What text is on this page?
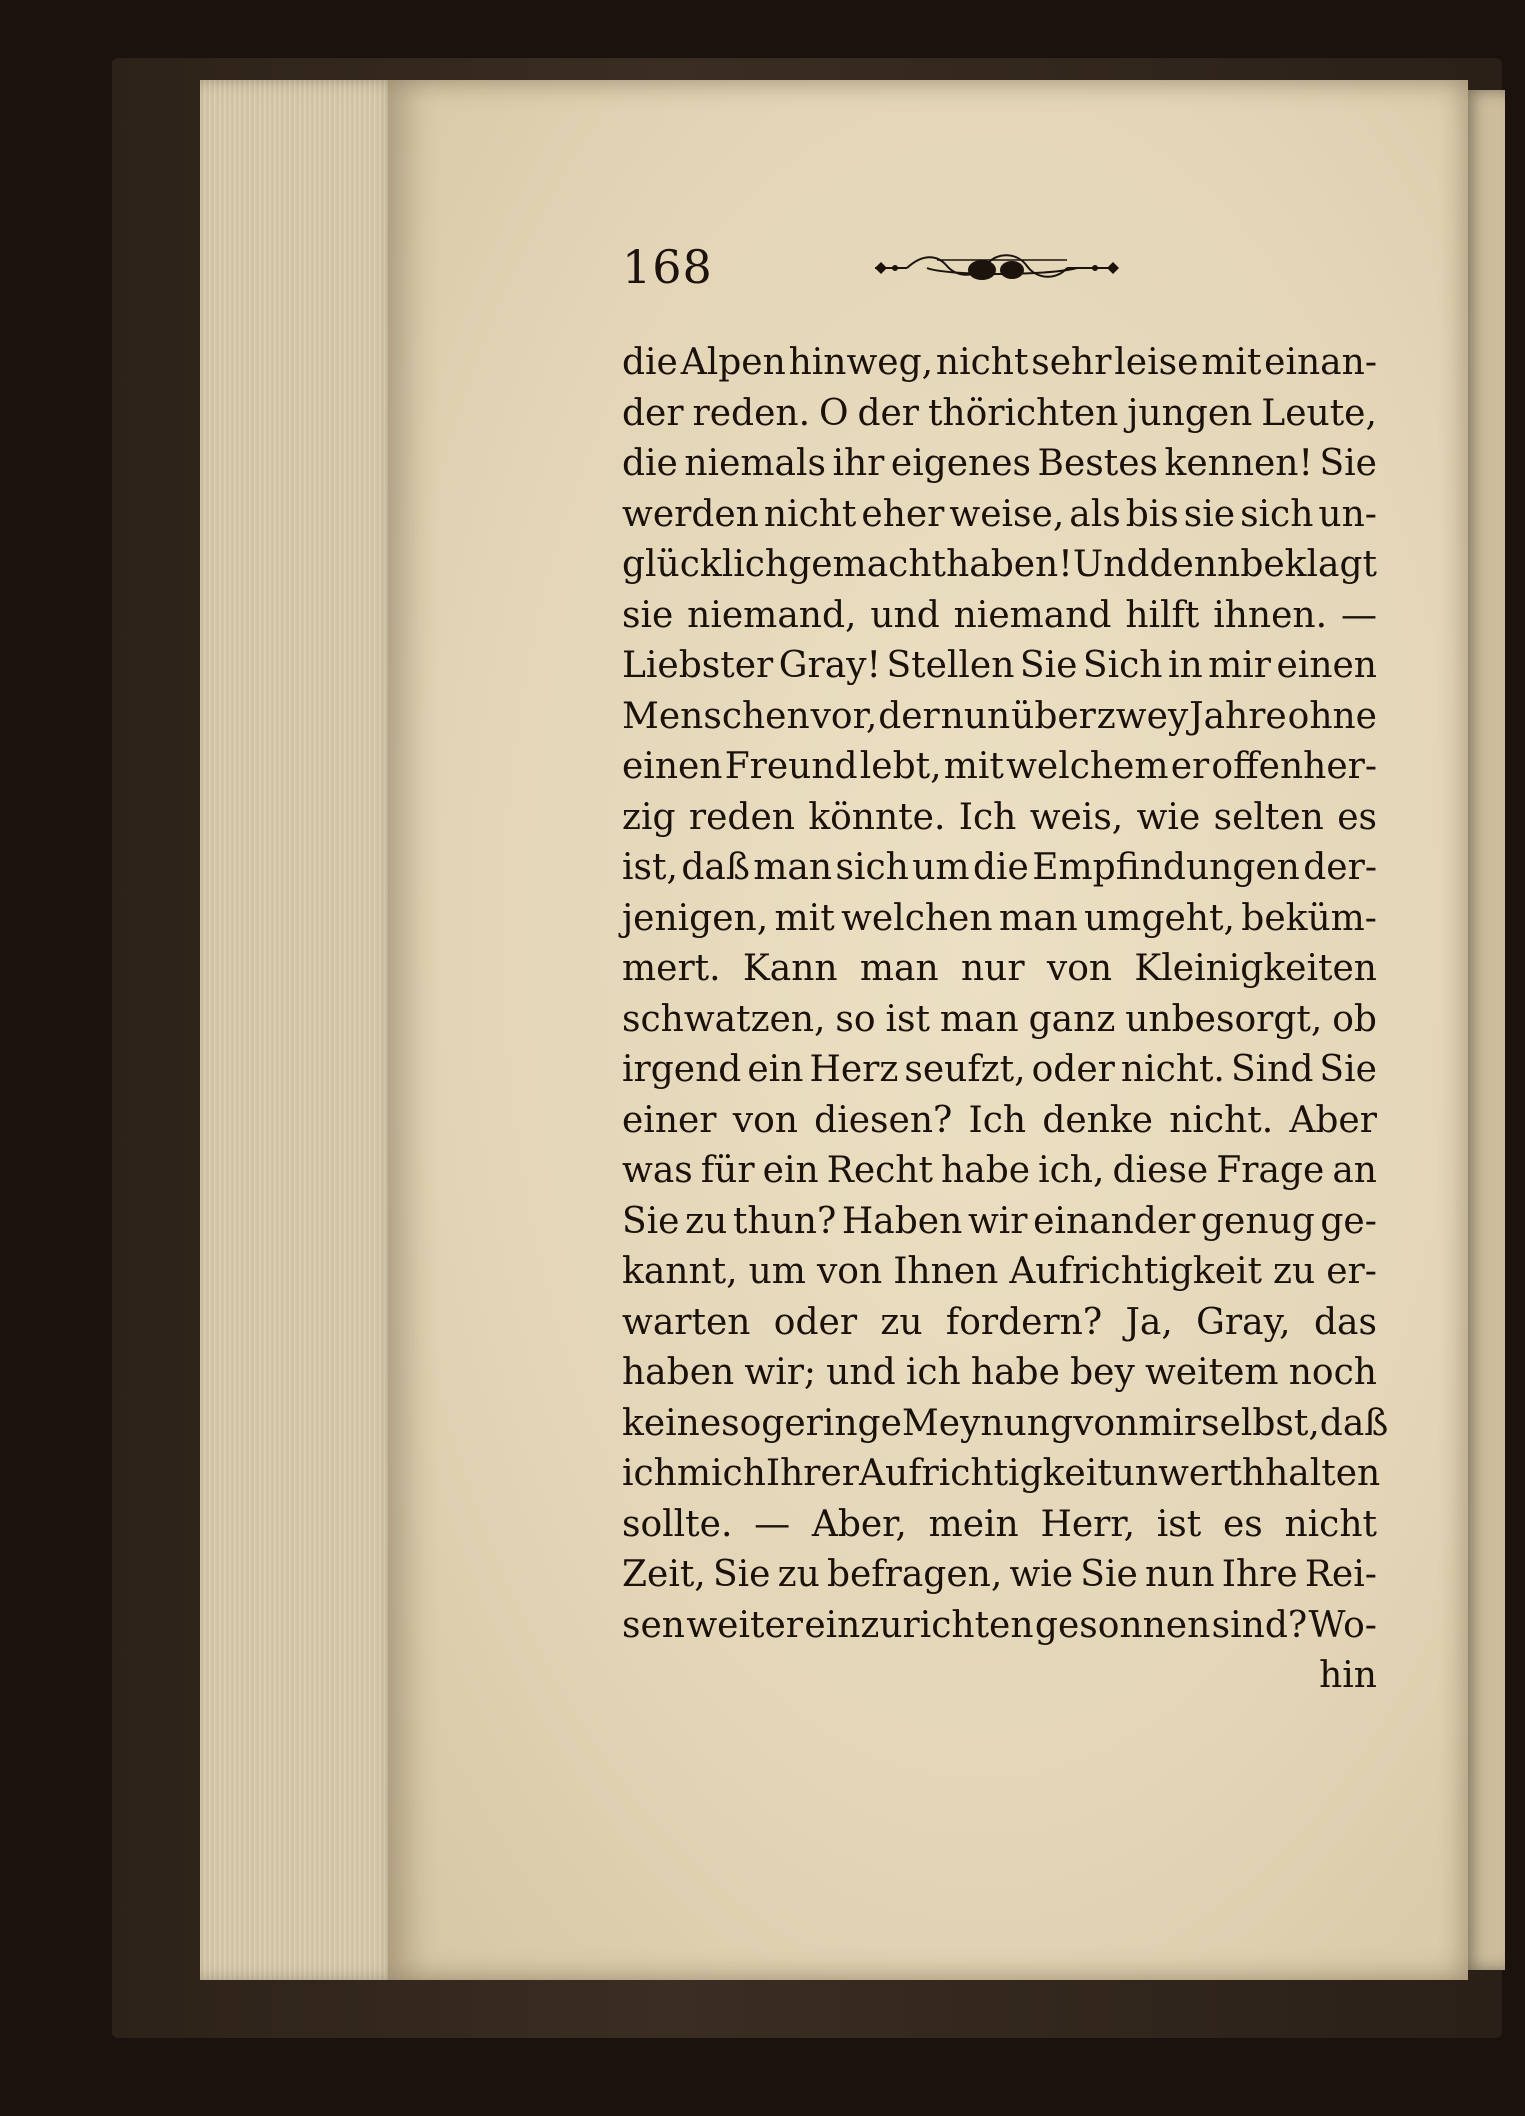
168
die Alpen hinweg, nicht sehr leise mit einan-
der reden. O der thörichten jungen Leute,
die niemals ihr eigenes Bestes kennen! Sie
werden nicht eher weise, als bis sie sich un-
glücklich gemacht haben! Und denn beklagt
sie niemand, und niemand hilft ihnen. —
Liebster Gray! Stellen Sie Sich in mir einen
Menschen vor, der nun über zwey Jahre ohne
einen Freund lebt, mit welchem er offenher-
zig reden könnte. Ich weis, wie selten es
ist, daß man sich um die Empfindungen der-
jenigen, mit welchen man umgeht, beküm-
mert. Kann man nur von Kleinigkeiten
schwatzen, so ist man ganz unbesorgt, ob
irgend ein Herz seufzt, oder nicht. Sind Sie
einer von diesen? Ich denke nicht. Aber
was für ein Recht habe ich, diese Frage an
Sie zu thun? Haben wir einander genug ge-
kannt, um von Ihnen Aufrichtigkeit zu er-
warten oder zu fordern? Ja, Gray, das
haben wir; und ich habe bey weitem noch
keine so geringe Meynung von mir selbst, daß
ich mich Ihrer Aufrichtigkeit unwerth halten
sollte. — Aber, mein Herr, ist es nicht
Zeit, Sie zu befragen, wie Sie nun Ihre Rei-
sen weiter einzurichten gesonnen sind? Wo-
hin
